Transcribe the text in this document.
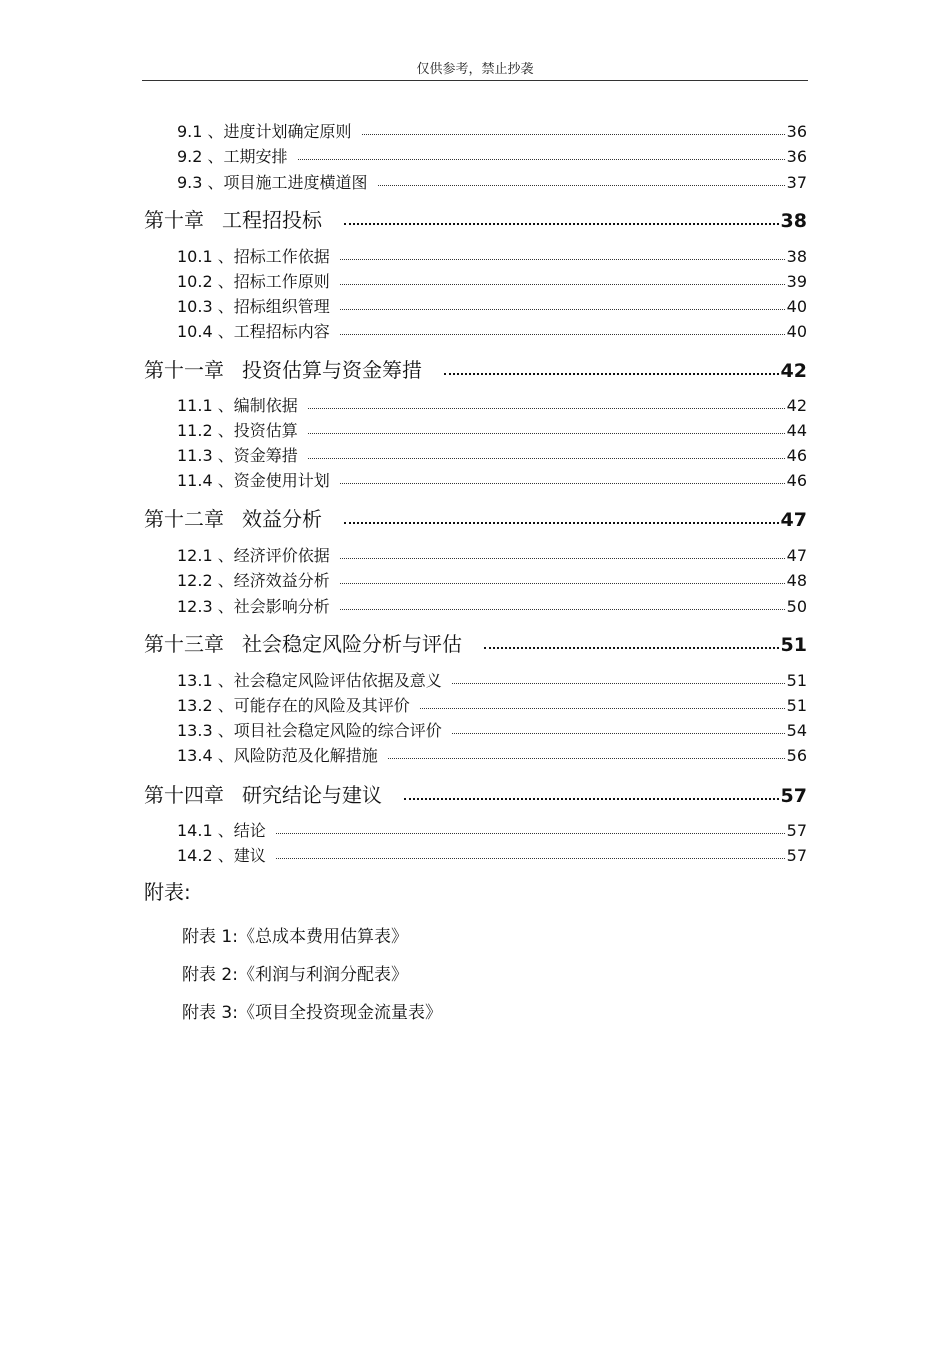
仅供参考，禁止抄袭
9.1 、进度计划确定原则	36
9.2 、工期安排	36
9.3 、项目施工进度横道图	37
第十章 工程招投标	38
10.1 、招标工作依据	38
10.2 、招标工作原则	39
10.3 、招标组织管理	40
10.4 、工程招标内容	40
第十一章 投资估算与资金筹措	42
11.1 、编制依据	42
11.2 、投资估算	44
11.3 、资金筹措	46
11.4 、资金使用计划	46
第十二章 效益分析	47
12.1 、经济评价依据	47
12.2 、经济效益分析	48
12.3 、社会影响分析	50
第十三章 社会稳定风险分析与评估	51
13.1 、社会稳定风险评估依据及意义	51
13.2 、可能存在的风险及其评价	51
13.3 、项目社会稳定风险的综合评价	54
13.4 、风险防范及化解措施	56
第十四章 研究结论与建议	57
14.1 、结论	57
14.2 、建议	57
附表:
附表 1:《总成本费用估算表》
附表 2:《利润与利润分配表》
附表 3:《项目全投资现金流量表》
